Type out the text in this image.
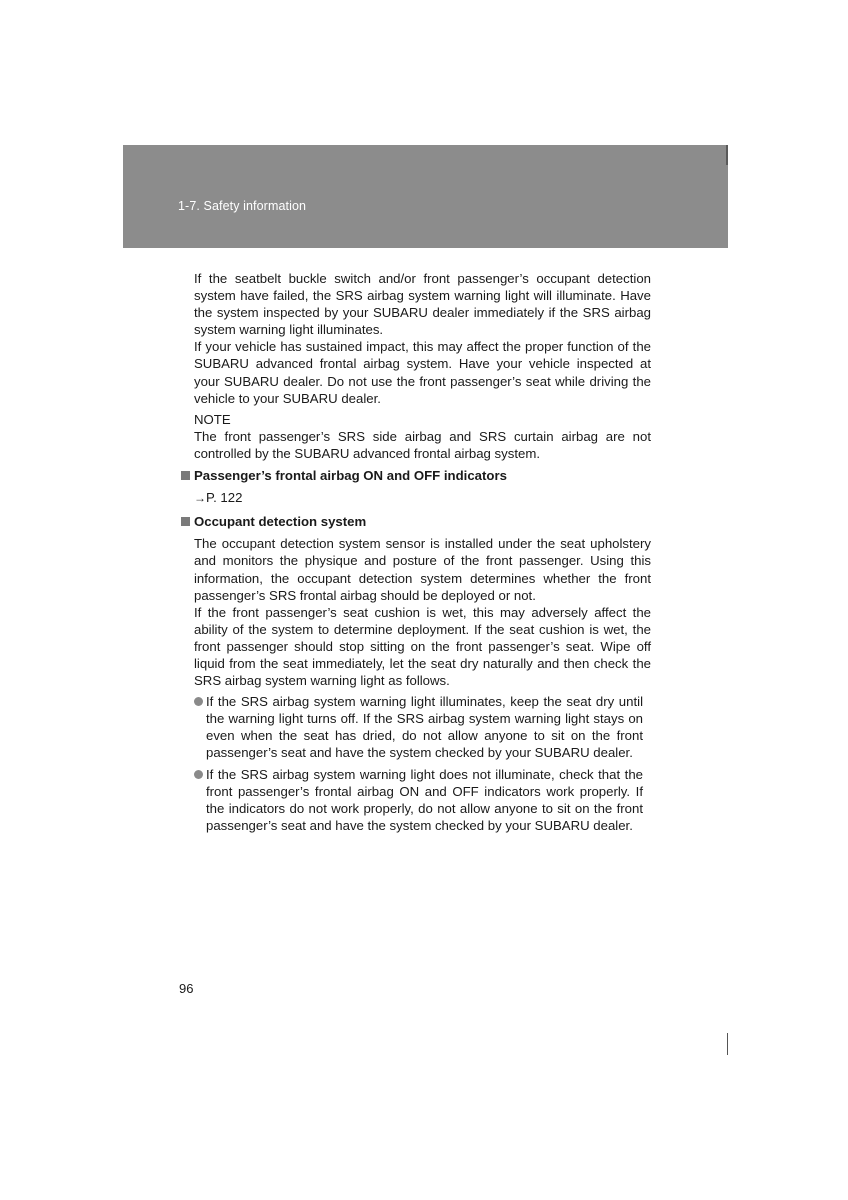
1-7. Safety information

If the seatbelt buckle switch and/or front passenger’s occupant detection system have failed, the SRS airbag system warning light will illuminate. Have the system inspected by your SUBARU dealer immediately if the SRS airbag system warning light illuminates.

If your vehicle has sustained impact, this may affect the proper function of the SUBARU advanced frontal airbag system. Have your vehicle inspected at your SUBARU dealer. Do not use the front passenger’s seat while driving the vehicle to your SUBARU dealer.

NOTE

The front passenger’s SRS side airbag and SRS curtain airbag are not controlled by the SUBARU advanced frontal airbag system.

Passenger’s frontal airbag ON and OFF indicators
→P. 122
Occupant detection system

The occupant detection system sensor is installed under the seat upholstery and monitors the physique and posture of the front passenger. Using this information, the occupant detection system determines whether the front passenger’s SRS frontal airbag should be deployed or not.

If the front passenger’s seat cushion is wet, this may adversely affect the ability of the system to determine deployment. If the seat cushion is wet, the front passenger should stop sitting on the front passenger’s seat. Wipe off liquid from the seat immediately, let the seat dry naturally and then check the SRS airbag system warning light as follows.

If the SRS airbag system warning light illuminates, keep the seat dry until the warning light turns off. If the SRS airbag system warning light stays on even when the seat has dried, do not allow anyone to sit on the front passenger’s seat and have the system checked by your SUBARU dealer.
If the SRS airbag system warning light does not illuminate, check that the front passenger’s frontal airbag ON and OFF indicators work properly. If the indicators do not work properly, do not allow anyone to sit on the front passenger’s seat and have the system checked by your SUBARU dealer.
96
